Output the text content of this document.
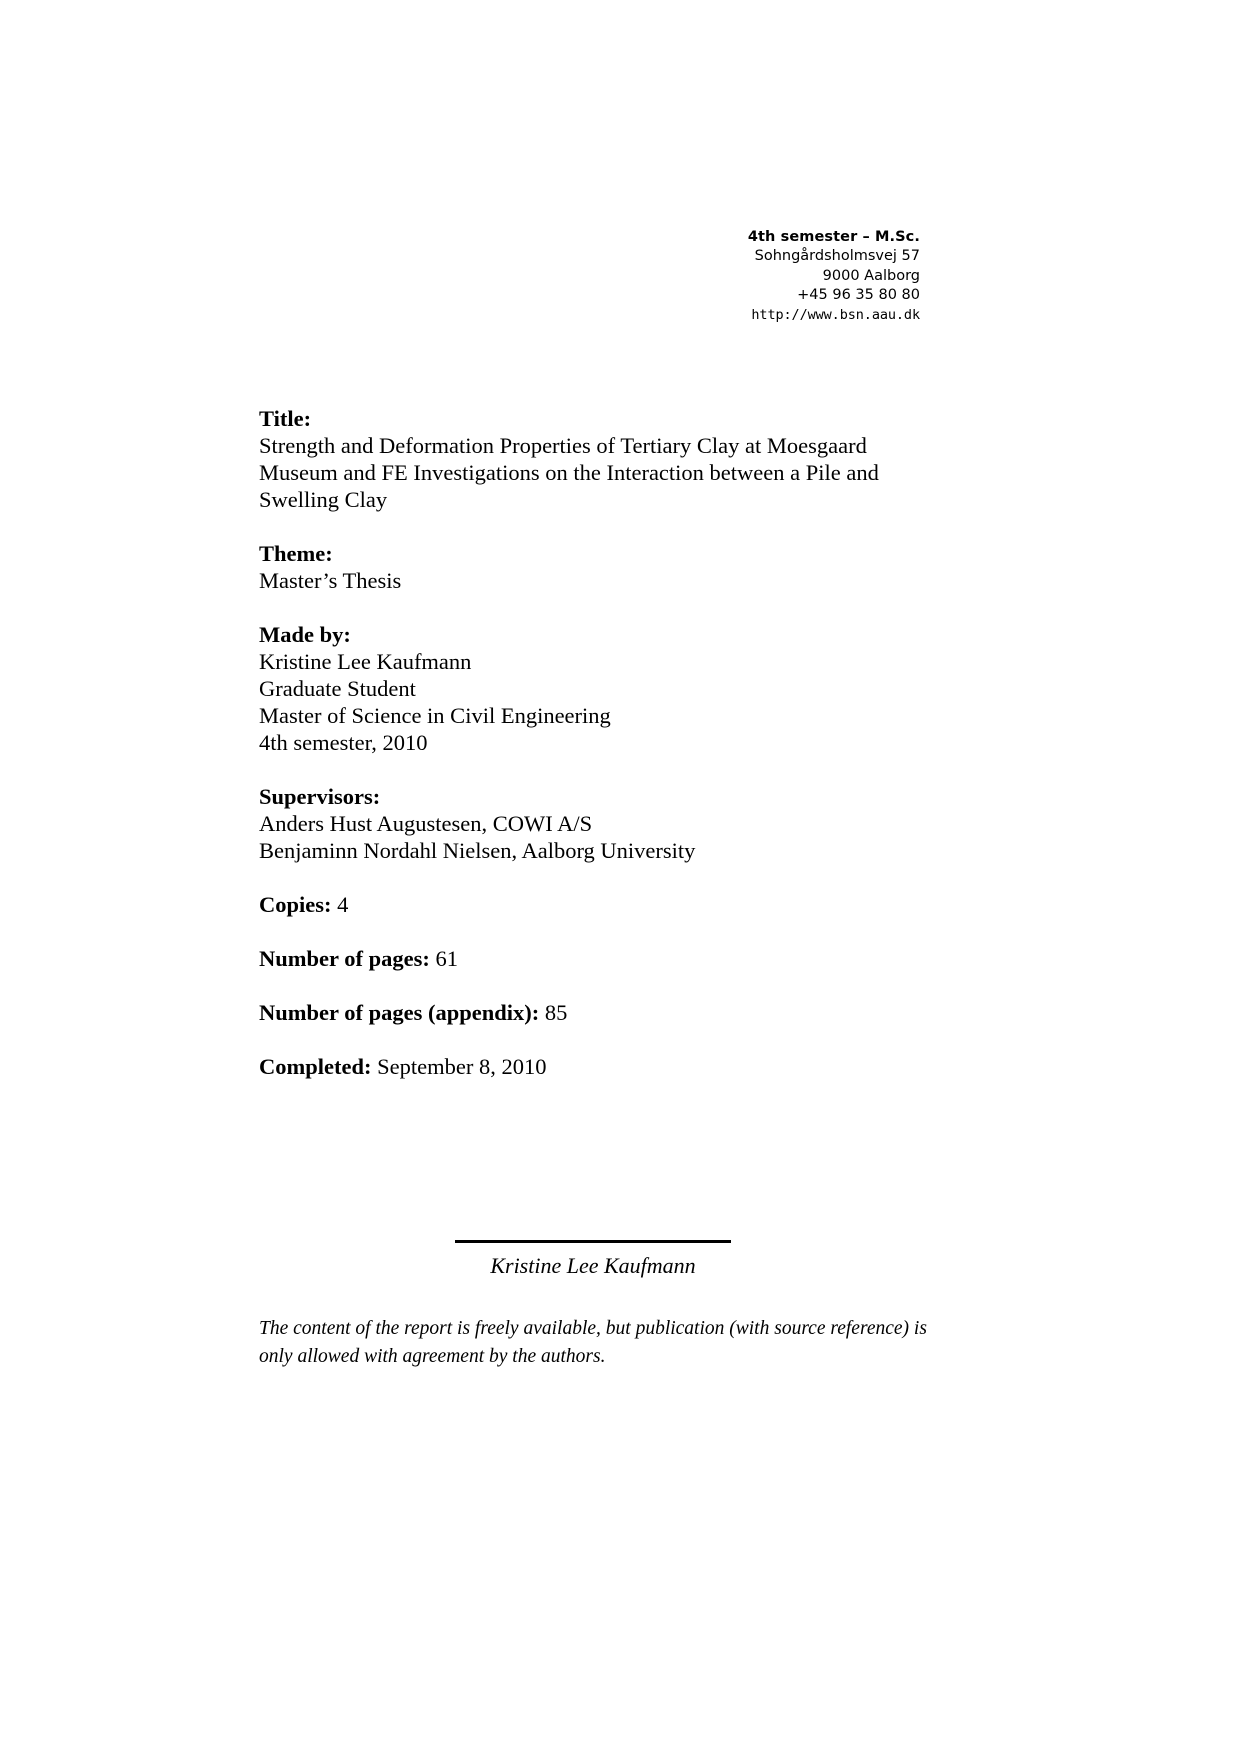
4th semester – M.Sc.
Sohngårdsholmsvej 57
9000 Aalborg
+45 96 35 80 80
http://www.bsn.aau.dk
Title:
Strength and Deformation Properties of Tertiary Clay at Moesgaard
Museum and FE Investigations on the Interaction between a Pile and
Swelling Clay
Theme:
Master’s Thesis
Made by:
Kristine Lee Kaufmann
Graduate Student
Master of Science in Civil Engineering
4th semester, 2010
Supervisors:
Anders Hust Augustesen, COWI A/S
Benjaminn Nordahl Nielsen, Aalborg University
Copies: 4
Number of pages: 61
Number of pages (appendix): 85
Completed: September 8, 2010
Kristine Lee Kaufmann
The content of the report is freely available, but publication (with source reference) is only allowed with agreement by the authors.
